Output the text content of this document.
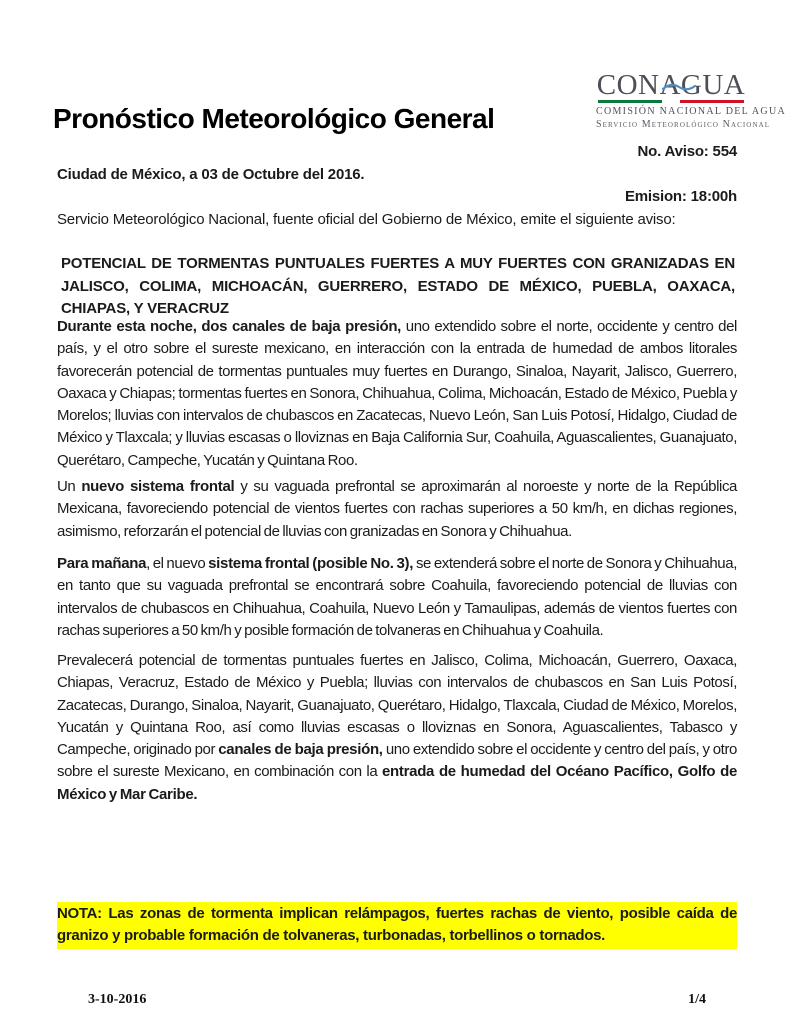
CONAGUA
COMISIÓN NACIONAL DEL AGUA
Servicio Meteorológico Nacional
Pronóstico Meteorológico General
No. Aviso: 554
Ciudad de México, a 03 de Octubre del 2016.
Emision: 18:00h
Servicio Meteorológico Nacional, fuente oficial del Gobierno de México, emite el siguiente aviso:
POTENCIAL DE TORMENTAS PUNTUALES FUERTES A MUY FUERTES CON GRANIZADAS EN JALISCO, COLIMA, MICHOACÁN, GUERRERO, ESTADO DE MÉXICO, PUEBLA, OAXACA, CHIAPAS, Y VERACRUZ

Durante esta noche, dos canales de baja presión, uno extendido sobre el norte, occidente y centro del país, y el otro sobre el sureste mexicano, en interacción con la entrada de humedad de ambos litorales favorecerán potencial de tormentas puntuales muy fuertes en Durango, Sinaloa, Nayarit, Jalisco, Guerrero, Oaxaca y Chiapas; tormentas fuertes en Sonora, Chihuahua, Colima, Michoacán, Estado de México, Puebla y Morelos; lluvias con intervalos de chubascos en Zacatecas, Nuevo León, San Luis Potosí, Hidalgo, Ciudad de México y Tlaxcala; y lluvias escasas o lloviznas en Baja California Sur, Coahuila, Aguascalientes, Guanajuato, Querétaro, Campeche, Yucatán y Quintana Roo.

Un nuevo sistema frontal y su vaguada prefrontal se aproximarán al noroeste y norte de la República Mexicana, favoreciendo potencial de vientos fuertes con rachas superiores a 50 km/h, en dichas regiones, asimismo, reforzarán el potencial de lluvias con granizadas en Sonora y Chihuahua.

Para mañana, el nuevo sistema frontal (posible No. 3), se extenderá sobre el norte de Sonora y Chihuahua, en tanto que su vaguada prefrontal se encontrará sobre Coahuila, favoreciendo potencial de lluvias con intervalos de chubascos en Chihuahua, Coahuila, Nuevo León y Tamaulipas, además de vientos fuertes con rachas superiores a 50 km/h y posible formación de tolvaneras en Chihuahua y Coahuila.

Prevalecerá potencial de tormentas puntuales fuertes en Jalisco, Colima, Michoacán, Guerrero, Oaxaca, Chiapas, Veracruz, Estado de México y Puebla; lluvias con intervalos de chubascos en San Luis Potosí, Zacatecas, Durango, Sinaloa, Nayarit, Guanajuato, Querétaro, Hidalgo, Tlaxcala, Ciudad de México, Morelos, Yucatán y Quintana Roo, así como lluvias escasas o lloviznas en Sonora, Aguascalientes, Tabasco y Campeche, originado por canales de baja presión, uno extendido sobre el occidente y centro del país, y otro sobre el sureste Mexicano, en combinación con la entrada de humedad del Océano Pacífico, Golfo de México y Mar Caribe.

NOTA: Las zonas de tormenta implican relámpagos, fuertes rachas de viento, posible caída de granizo y probable formación de tolvaneras, turbonadas, torbellinos o tornados.

3-10-2016	1/4
